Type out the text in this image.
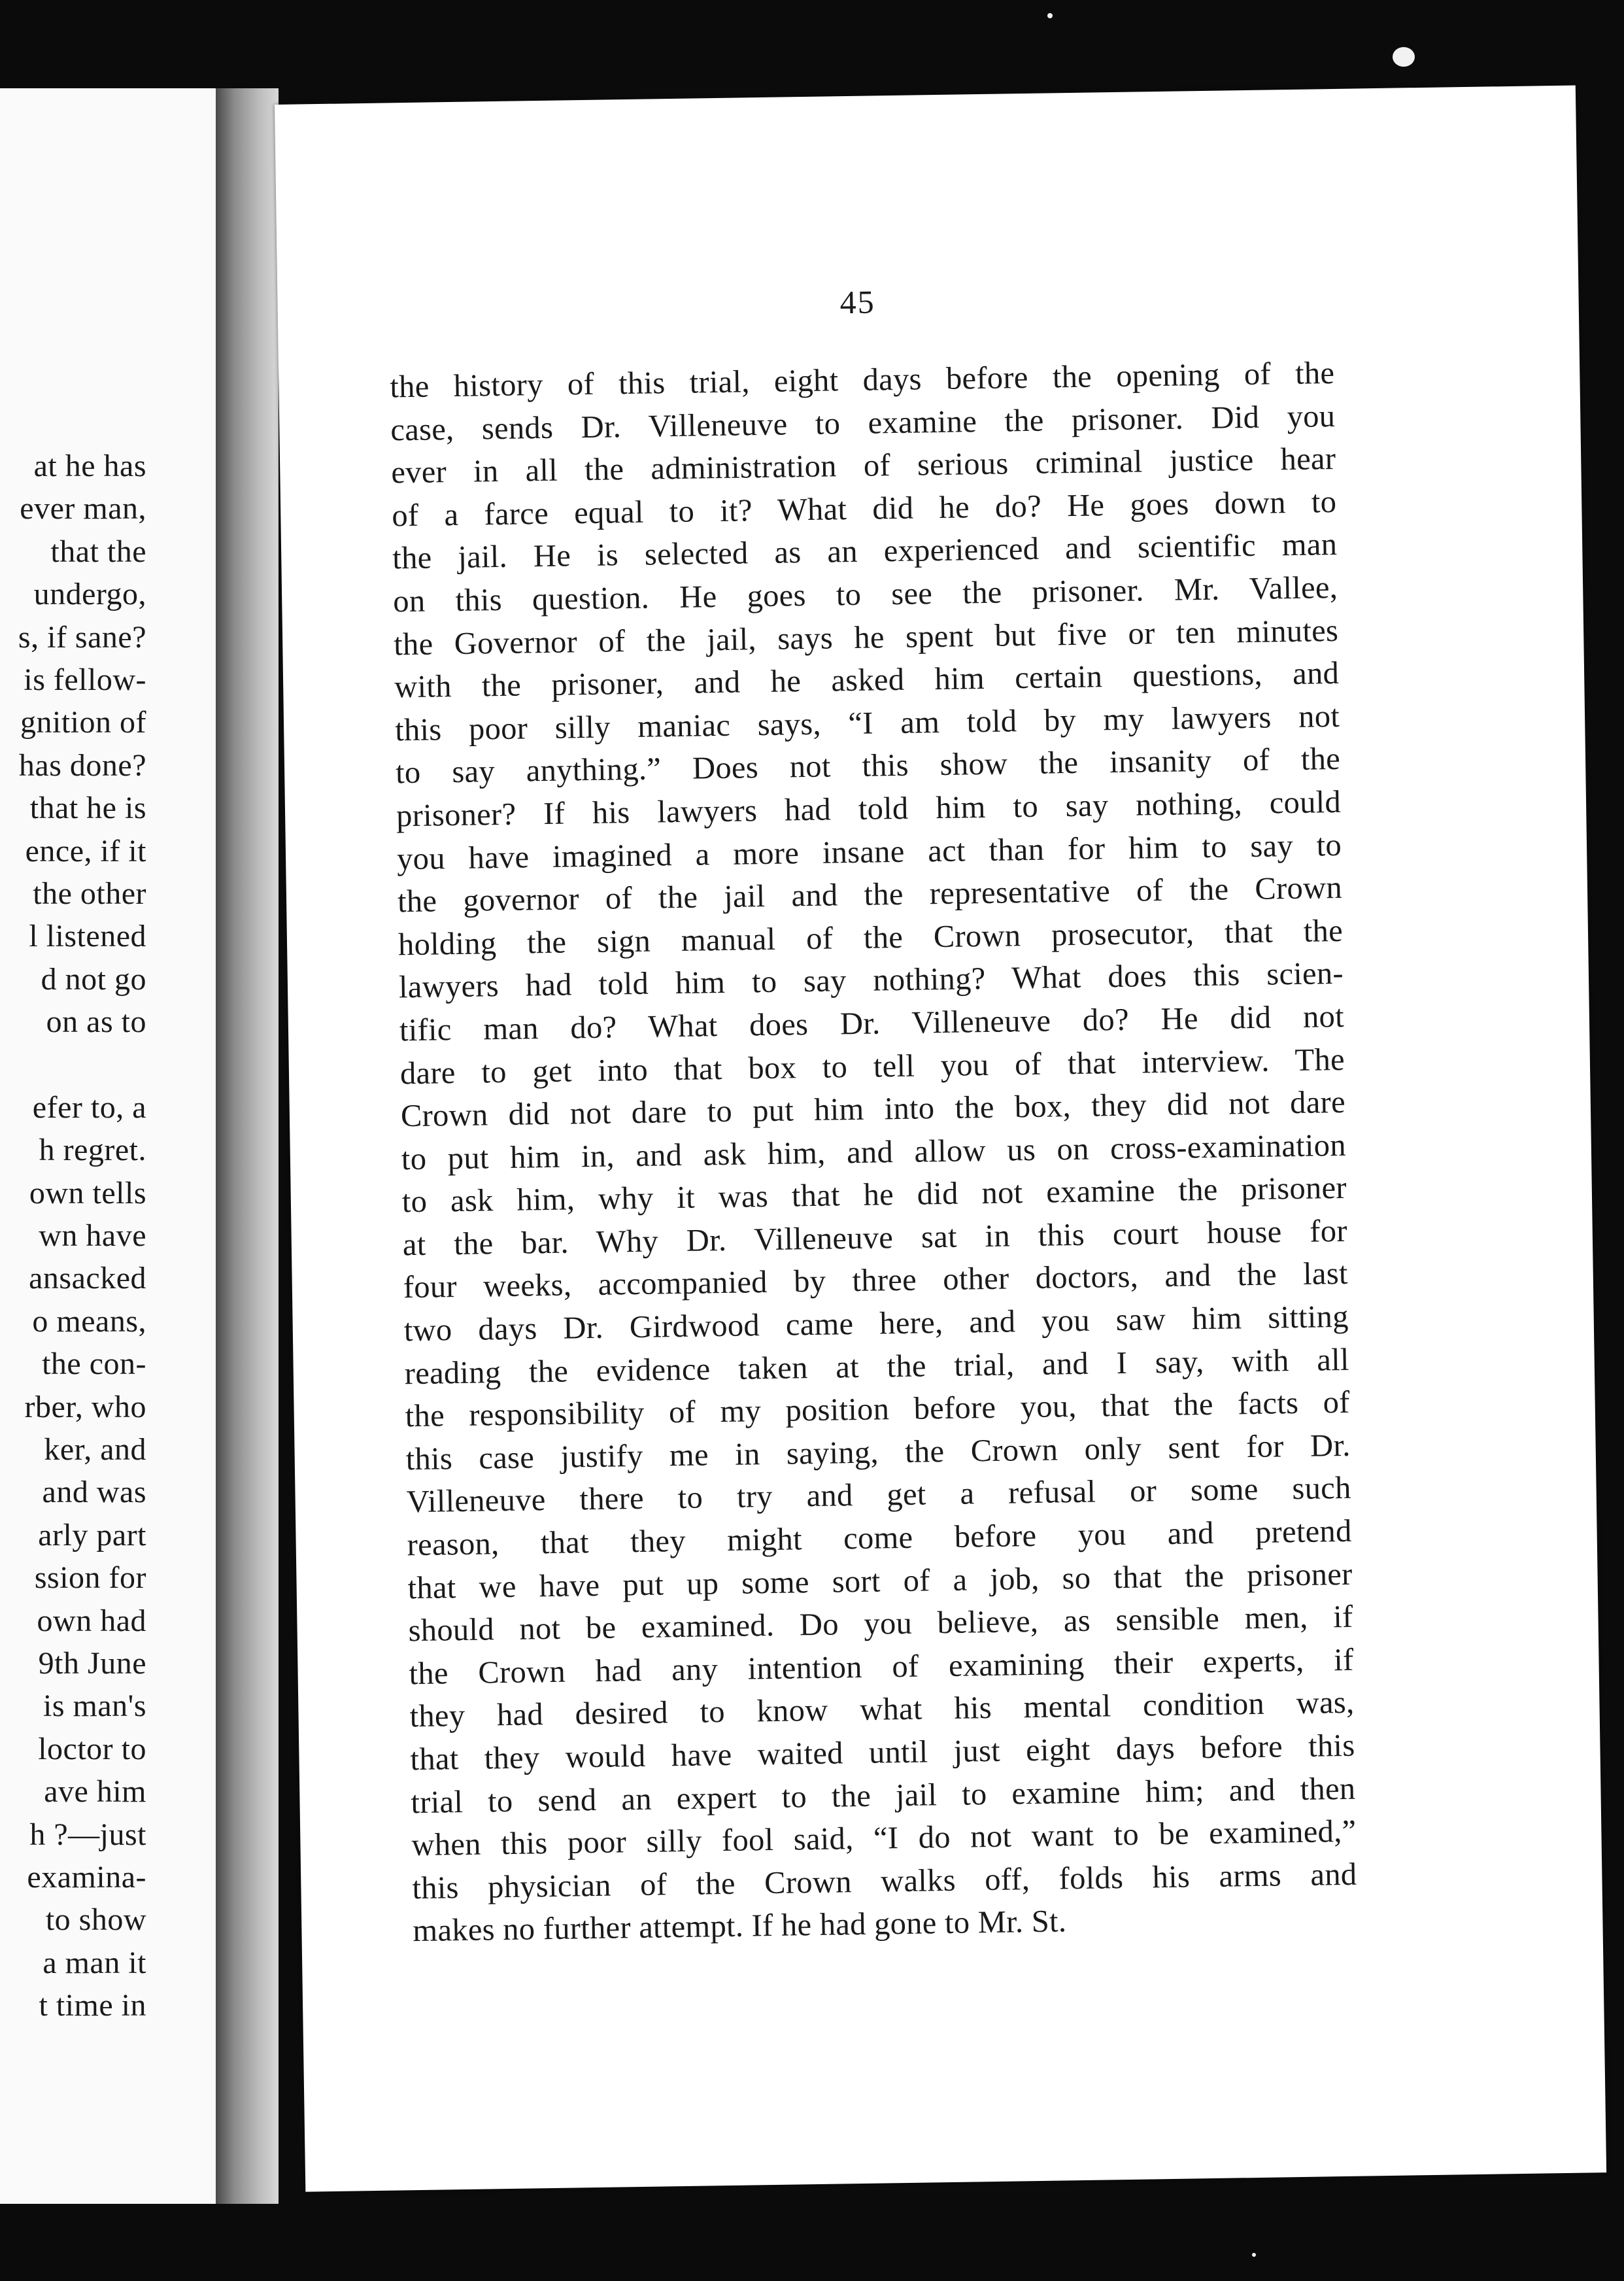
at he has
ever man,
that the
undergo,
s, if sane?
is fellow-
gnition of
has done?
that he is
ence, if it
the other
l listened
d not go
on as to
efer to, a
h regret.
own tells
wn have
ansacked
o means,
the con-
rber, who
ker, and
and was
arly part
ssion for
own had
9th June
is man's
loctor to
ave him
h ?—just
examina-
to show
a man it
t time in
45
the history of this trial, eight days before the opening of the
case, sends Dr. Villeneuve to examine the prisoner. Did you
ever in all the administration of serious criminal justice hear
of a farce equal to it? What did he do? He goes down to
the jail. He is selected as an experienced and scientific man
on this question. He goes to see the prisoner. Mr. Vallee,
the Governor of the jail, says he spent but five or ten minutes
with the prisoner, and he asked him certain questions, and
this poor silly maniac says, “I am told by my lawyers not
to say anything.” Does not this show the insanity of the
prisoner? If his lawyers had told him to say nothing, could
you have imagined a more insane act than for him to say to
the governor of the jail and the representative of the Crown
holding the sign manual of the Crown prosecutor, that the
lawyers had told him to say nothing? What does this scien-
tific man do? What does Dr. Villeneuve do? He did not
dare to get into that box to tell you of that interview. The
Crown did not dare to put him into the box, they did not dare
to put him in, and ask him, and allow us on cross-examination
to ask him, why it was that he did not examine the prisoner
at the bar. Why Dr. Villeneuve sat in this court house for
four weeks, accompanied by three other doctors, and the last
two days Dr. Girdwood came here, and you saw him sitting
reading the evidence taken at the trial, and I say, with all
the responsibility of my position before you, that the facts of
this case justify me in saying, the Crown only sent for Dr.
Villeneuve there to try and get a refusal or some such
reason, that they might come before you and pretend
that we have put up some sort of a job, so that the prisoner
should not be examined. Do you believe, as sensible men, if
the Crown had any intention of examining their experts, if
they had desired to know what his mental condition was,
that they would have waited until just eight days before this
trial to send an expert to the jail to examine him; and then
when this poor silly fool said, “I do not want to be examined,”
this physician of the Crown walks off, folds his arms and
makes no further attempt. If he had gone to Mr. St.
